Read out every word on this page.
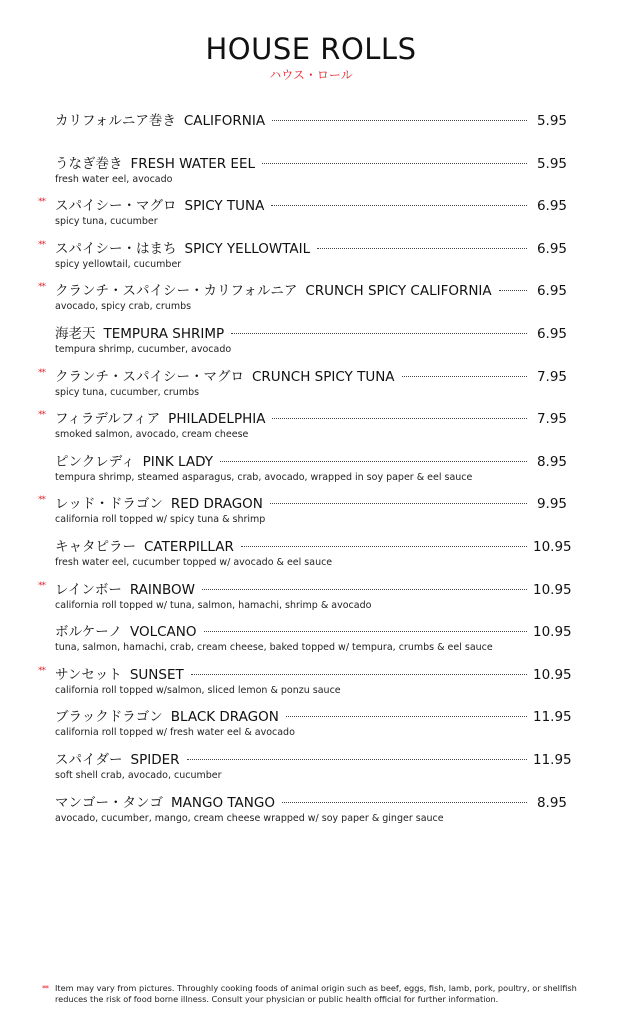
HOUSE ROLLS
ハウス・ロール
カリフォルニア巻き CALIFORNIA	5.95
うなぎ巻き FRESH WATER EEL	5.95
fresh water eel, avocado
** スパイシー・マグロ SPICY TUNA	6.95
spicy tuna, cucumber
** スパイシー・はまち SPICY YELLOWTAIL	6.95
spicy yellowtail, cucumber
** クランチ・スパイシー・カリフォルニア CRUNCH SPICY CALIFORNIA	6.95
avocado, spicy crab, crumbs
海老天 TEMPURA SHRIMP	6.95
tempura shrimp, cucumber, avocado
** クランチ・スパイシー・マグロ CRUNCH SPICY TUNA	7.95
spicy tuna, cucumber, crumbs
** フィラデルフィア PHILADELPHIA	7.95
smoked salmon, avocado, cream cheese
ピンクレディ PINK LADY	8.95
tempura shrimp, steamed asparagus, crab, avocado, wrapped in soy paper & eel sauce
** レッド・ドラゴン RED DRAGON	9.95
california roll topped w/ spicy tuna & shrimp
キャタピラー CATERPILLAR	10.95
fresh water eel, cucumber topped w/ avocado & eel sauce
** レインボー RAINBOW	10.95
california roll topped w/ tuna, salmon, hamachi, shrimp & avocado
ボルケーノ VOLCANO	10.95
tuna, salmon, hamachi, crab, cream cheese, baked topped w/ tempura, crumbs & eel sauce
** サンセット SUNSET	10.95
california roll topped w/salmon, sliced lemon & ponzu sauce
ブラックドラゴン BLACK DRAGON	11.95
california roll topped w/ fresh water eel & avocado
スパイダー SPIDER	11.95
soft shell crab, avocado, cucumber
マンゴー・タンゴ MANGO TANGO	8.95
avocado, cucumber, mango, cream cheese wrapped w/ soy paper & ginger sauce
** Item may vary from pictures. Throughly cooking foods of animal origin such as beef, eggs, fish, lamb, pork, poultry, or shellfish reduces the risk of food borne illness. Consult your physician or public health official for further information.
